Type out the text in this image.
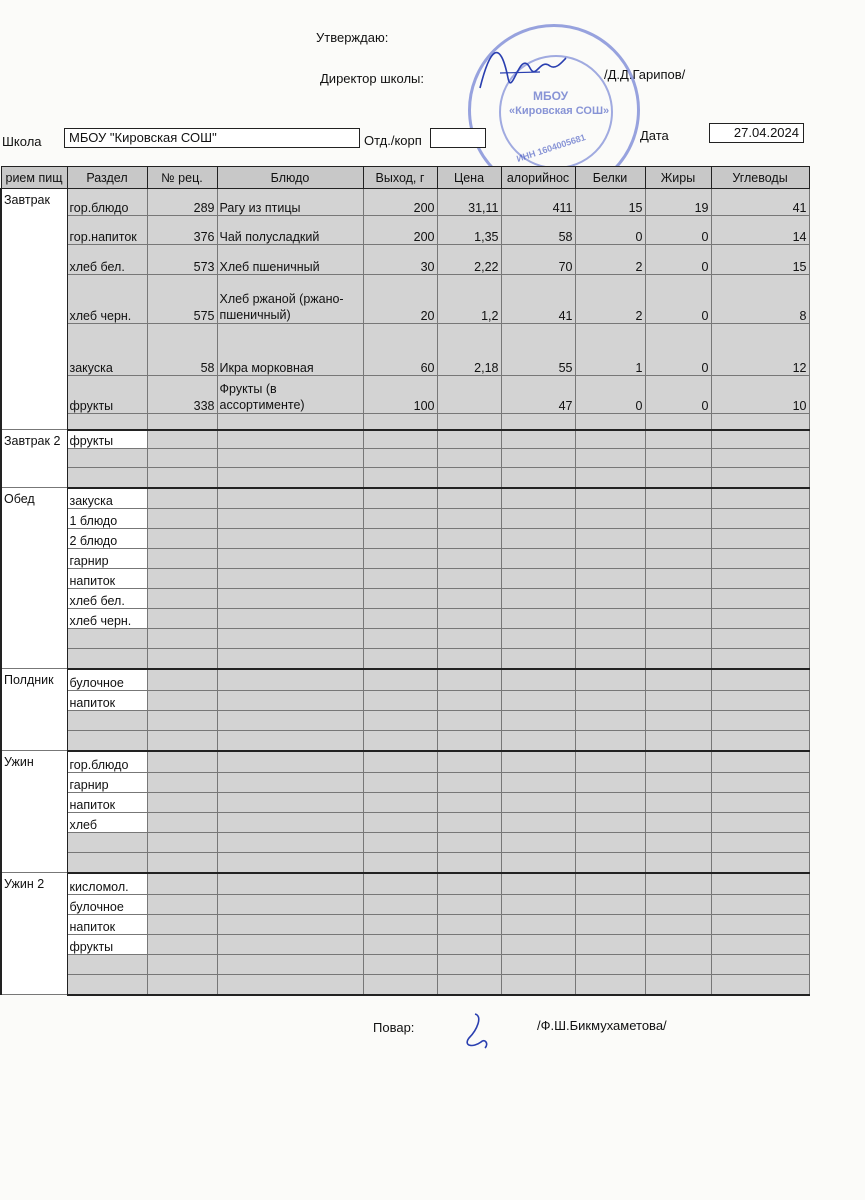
Утверждаю:
Директор школы:	/Д.Д.Гарипов/
МБОУ
«Кировская СОШ»
ИНН 1604005681
Школа	МБОУ "Кировская СОШ"	Отд./корп	Дата	27.04.2024
рием пищ	Раздел	№ рец.	Блюдо	Выход, г	Цена	алорийнос	Белки	Жиры	Углеводы
Завтрак	гор.блюдо	289	Рагу из птицы	200	31,11	411	15	19	41
	гор.напиток	376	Чай полусладкий	200	1,35	58	0	0	14
	хлеб бел.	573	Хлеб пшеничный	30	2,22	70	2	0	15
	хлеб черн.	575	Хлеб ржаной (ржано-пшеничный)	20	1,2	41	2	0	8
	закуска	58	Икра морковная	60	2,18	55	1	0	12
	фрукты	338	Фрукты (в ассортименте)	100		47	0	0	10

Завтрак 2	фрукты								

Обед	закуска								
	1 блюдо								
	2 блюдо								
	гарнир								
	напиток								
	хлеб бел.								
	хлеб черн.								

Полдник	булочное								
	напиток								

Ужин	гор.блюдо								
	гарнир								
	напиток								
	хлеб								

Ужин 2	кисломол.								
	булочное								
	напиток								
	фрукты								

Повар:	/Ф.Ш.Бикмухаметова/
